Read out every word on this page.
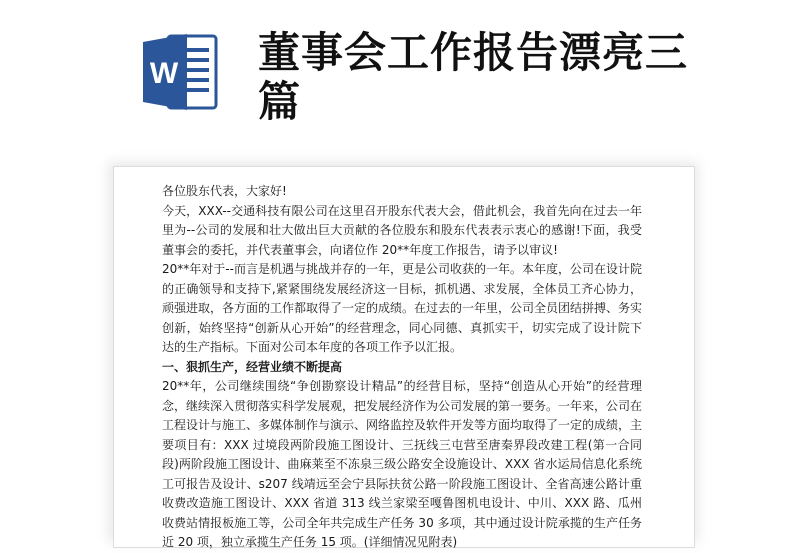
W 董事会工作报告漂亮三篇

各位股东代表，大家好!

今天，XXX--交通科技有限公司在这里召开股东代表大会，借此机会，我首先向在过去一年里为--公司的发展和壮大做出巨大贡献的各位股东和股东代表表示衷心的感谢!下面，我受董事会的委托，并代表董事会，向诸位作 20**年度工作报告，请予以审议!

20**年对于--而言是机遇与挑战并存的一年，更是公司收获的一年。本年度，公司在设计院的正确领导和支持下,紧紧围绕发展经济这一目标，抓机遇、求发展，全体员工齐心协力，顽强进取，各方面的工作都取得了一定的成绩。在过去的一年里，公司全员团结拼搏、务实创新，始终坚持“创新从心开始”的经营理念，同心同德、真抓实干，切实完成了设计院下达的生产指标。下面对公司本年度的各项工作予以汇报。

一、狠抓生产，经营业绩不断提高

20**年，公司继续围绕“争创勘察设计精品”的经营目标，坚持“创造从心开始”的经营理念，继续深入贯彻落实科学发展观，把发展经济作为公司发展的第一要务。一年来，公司在工程设计与施工、多媒体制作与演示、网络监控及软件开发等方面均取得了一定的成绩，主要项目有：XXX 过境段两阶段施工图设计、三抚线三屯营至唐秦界段改建工程(第一合同段)两阶段施工图设计、曲麻莱至不冻泉三级公路安全设施设计、XXX 省水运局信息化系统工可报告及设计、s207 线靖远至会宁县际扶贫公路一阶段施工图设计、全省高速公路计重收费改造施工图设计、XXX 省道 313 线兰家梁至嘎鲁图机电设计、中川、XXX 路、瓜州收费站情报板施工等，公司全年共完成生产任务 30 多项，其中通过设计院承揽的生产任务近 20 项，独立承揽生产任务 15 项。(详细情况见附表)
